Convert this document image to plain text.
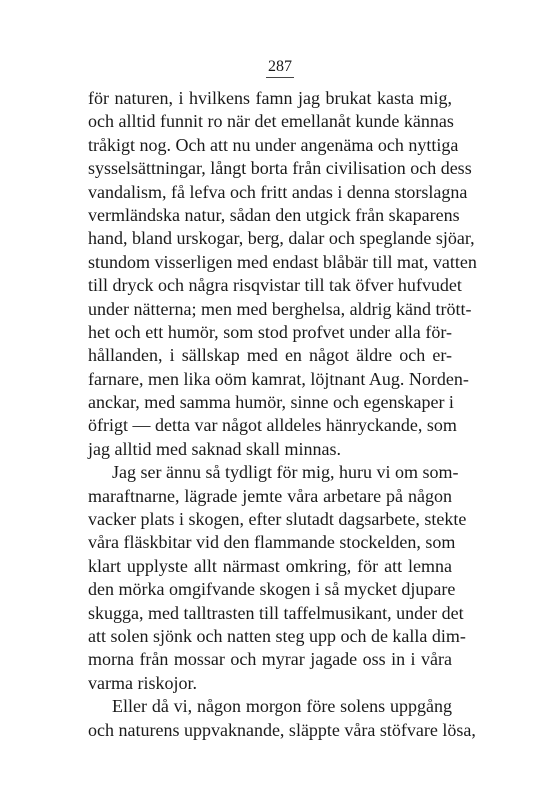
287
för naturen, i hvilkens famn jag brukat kasta mig,
och alltid funnit ro när det emellanåt kunde kännas
tråkigt nog. Och att nu under angenäma och nyttiga
sysselsättningar, långt borta från civilisation och dess
vandalism, få lefva och fritt andas i denna storslagna
vermländska natur, sådan den utgick från skaparens
hand, bland urskogar, berg, dalar och speglande sjöar,
stundom visserligen med endast blåbär till mat, vatten
till dryck och några risqvistar till tak öfver hufvudet
under nätterna; men med berghelsa, aldrig känd trött-
het och ett humör, som stod profvet under alla för-
hållanden, i sällskap med en något äldre och er-
farnare, men lika oöm kamrat, löjtnant Aug. Norden-
anckar, med samma humör, sinne och egenskaper i
öfrigt — detta var något alldeles hänryckande, som
jag alltid med saknad skall minnas.
Jag ser ännu så tydligt för mig, huru vi om som-
maraftnarne, lägrade jemte våra arbetare på någon
vacker plats i skogen, efter slutadt dagsarbete, stekte
våra fläskbitar vid den flammande stockelden, som
klart upplyste allt närmast omkring, för att lemna
den mörka omgifvande skogen i så mycket djupare
skugga, med talltrasten till taffelmusikant, under det
att solen sjönk och natten steg upp och de kalla dim-
morna från mossar och myrar jagade oss in i våra
varma riskojor.
Eller då vi, någon morgon före solens uppgång
och naturens uppvaknande, släppte våra stöfvare lösa,
